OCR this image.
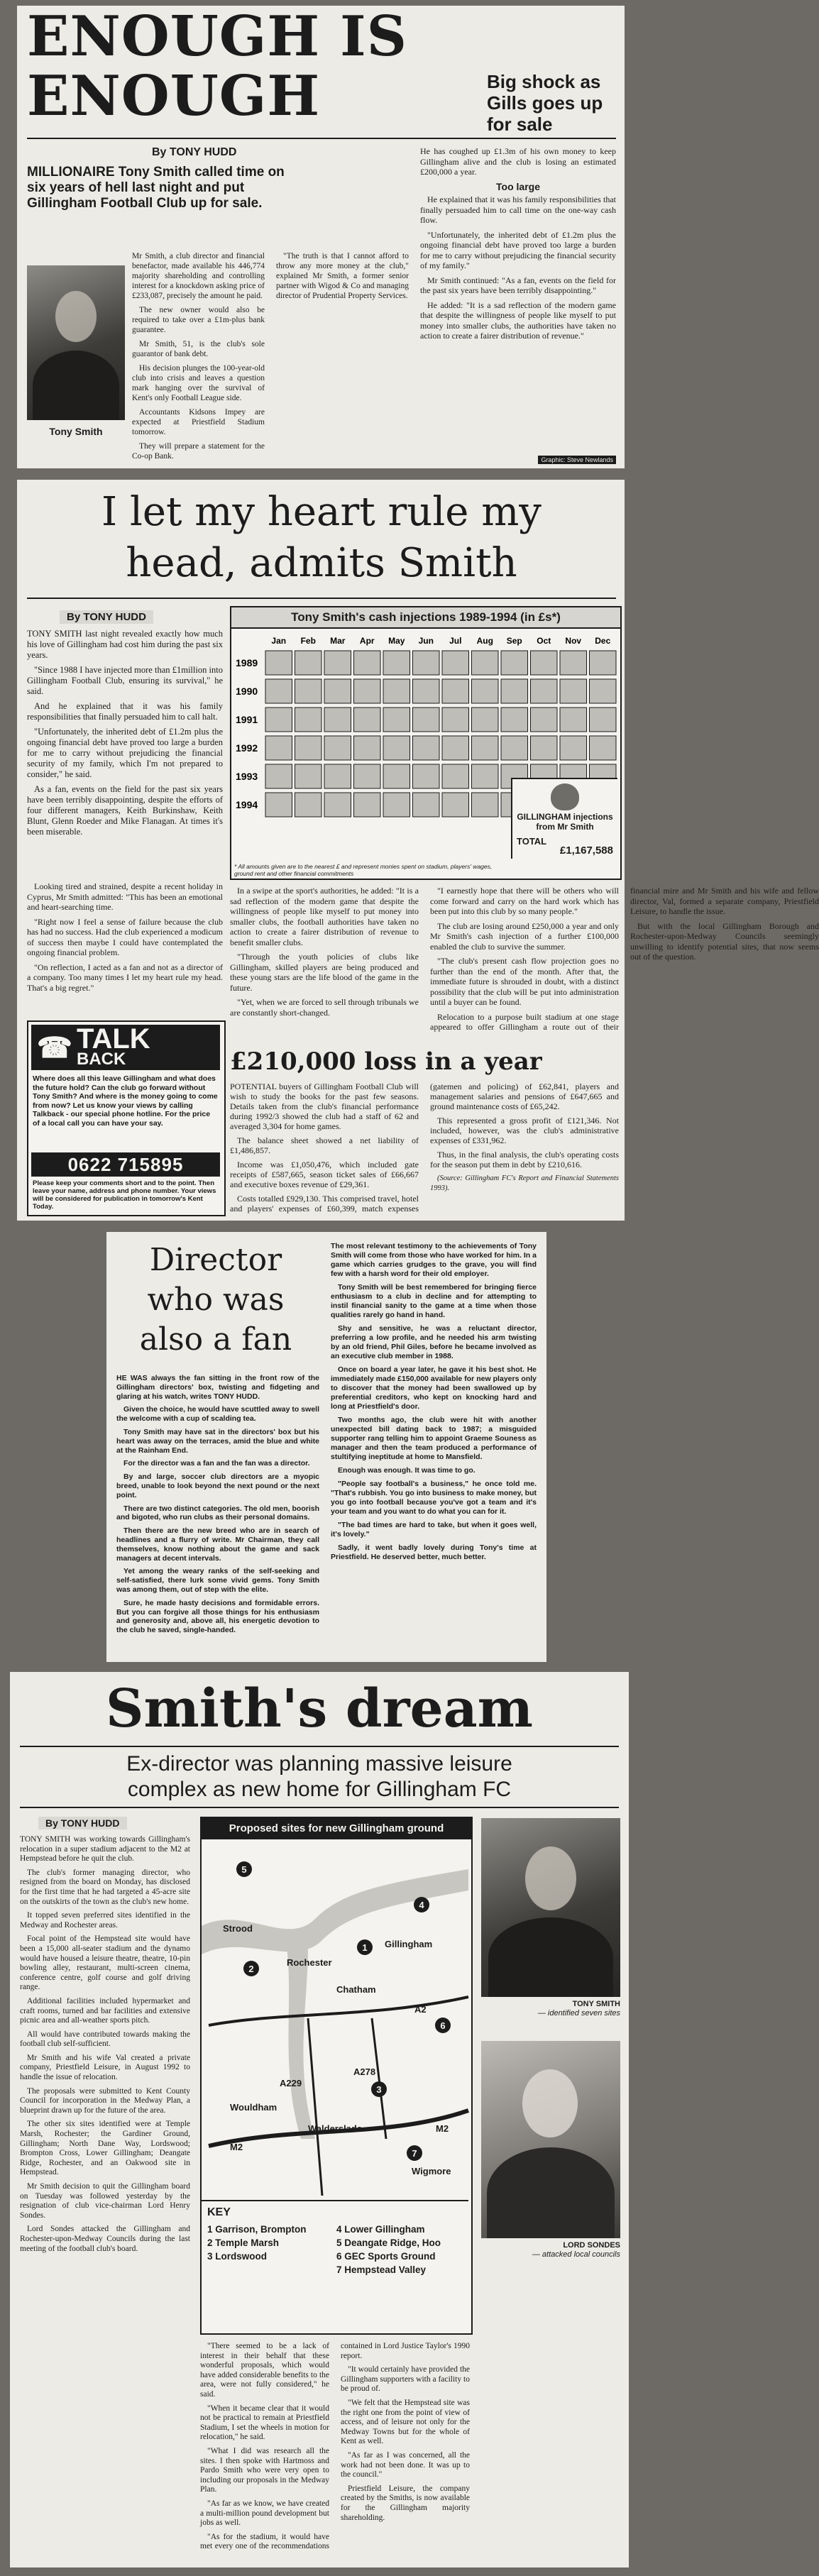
ENOUGH IS
ENOUGH	Big shock as Gills goes up for sale
By TONY HUDD
MILLIONAIRE Tony Smith called time on six years of hell last night and put Gillingham Football Club up for sale.
Tony Smith

Mr Smith, a club director and financial benefactor, made available his 446,774 majority shareholding and controlling interest for a knockdown asking price of £233,087, precisely the amount he paid.

The new owner would also be required to take over a £1m-plus bank guarantee.

Mr Smith, 51, is the club's sole guarantor of bank debt.

His decision plunges the 100-year-old club into crisis and leaves a question mark hanging over the survival of Kent's only Football League side.

Accountants Kidsons Impey are expected at Priestfield Stadium tomorrow.

They will prepare a statement for the Co-op Bank.

"The truth is that I cannot afford to throw any more money at the club," explained Mr Smith, a former senior partner with Wigod & Co and managing director of Prudential Property Services.

He has coughed up £1.3m of his own money to keep Gillingham alive and the club is losing an estimated £200,000 a year.

Too large

He explained that it was his family responsibilities that finally persuaded him to call time on the one-way cash flow.

"Unfortunately, the inherited debt of £1.2m plus the ongoing financial debt have proved too large a burden for me to carry without prejudicing the financial security of my family."

Mr Smith continued: "As a fan, events on the field for the past six years have been terribly disappointing."

He added: "It is a sad reflection of the modern game that despite the willingness of people like myself to put money into smaller clubs, the authorities have taken no action to create a fairer distribution of revenue."

Graphic: Steve Newlands
I let my heart rule my
head, admits Smith
By TONY HUDD	Tony Smith's cash injections 1989-1994 (in £s*)
Jan Feb Mar Apr May Jun Jul Aug Sep Oct Nov Dec
1989
1990
1991
1992
1993
1994
GILLINGHAM injections from Mr Smith
TOTAL
£1,167,588
* All amounts given are to the nearest £ and represent monies spent on stadium, players' wages, ground rent and other financial commitments

TONY SMITH last night revealed exactly how much his love of Gillingham had cost him during the past six years.

"Since 1988 I have injected more than £1million into Gillingham Football Club, ensuring its survival," he said.

And he explained that it was his family responsibilities that finally persuaded him to call halt.

"Unfortunately, the inherited debt of £1.2m plus the ongoing financial debt have proved too large a burden for me to carry without prejudicing the financial security of my family, which I'm not prepared to consider," he said.

As a fan, events on the field for the past six years have been terribly disappointing, despite the efforts of four different managers, Keith Burkinshaw, Keith Blunt, Glenn Roeder and Mike Flanagan. At times it's been miserable.

In a swipe at the sport's authorities, he added: "It is a sad reflection of the modern game that despite the willingness of people like myself to put money into smaller clubs, the football authorities have taken no action to create a fairer distribution of revenue to benefit smaller clubs.

"Through the youth policies of clubs like Gillingham, skilled players are being produced and these young stars are the life blood of the game in the future.

"Yet, when we are forced to sell through tribunals we are constantly short-changed.

"I earnestly hope that there will be others who will come forward and carry on the hard work which has been put into this club by so many people."

The club are losing around £250,000 a year and only Mr Smith's cash injection of a further £100,000 enabled the club to survive the summer.

"The club's present cash flow projection goes no further than the end of the month. After that, the immediate future is shrouded in doubt, with a distinct possibility that the club will be put into administration until a buyer can be found.

Relocation to a purpose built stadium at one stage appeared to offer Gillingham a route out of their financial mire and Mr Smith and his wife and fellow director, Val, formed a separate company, Priestfield Leisure, to handle the issue.

But with the local Gillingham Borough and Rochester-upon-Medway Councils seemingly unwilling to identify potential sites, that now seems out of the question.

Looking tired and strained, despite a recent holiday in Cyprus, Mr Smith admitted: "This has been an emotional and heart-searching time.

"Right now I feel a sense of failure because the club has had no success. Had the club experienced a modicum of success then maybe I could have contemplated the ongoing financial problem.

"On reflection, I acted as a fan and not as a director of a company. Too many times I let my heart rule my head. That's a big regret."

☎ TALK
BACK
Where does all this leave Gillingham and what does the future hold? Can the club go forward without Tony Smith? And where is the money going to come from now? Let us know your views by calling Talkback - our special phone hotline. For the price of a local call you can have your say.
0622 715895
Please keep your comments short and to the point. Then leave your name, address and phone number. Your views will be considered for publication in tomorrow's Kent Today.
£210,000 loss in a year

POTENTIAL buyers of Gillingham Football Club will wish to study the books for the past few seasons. Details taken from the club's financial performance during 1992/3 showed the club had a staff of 62 and averaged 3,304 for home games.

The balance sheet showed a net liability of £1,486,857.

Income was £1,050,476, which included gate receipts of £587,665, season ticket sales of £66,667 and executive boxes revenue of £29,361.

Costs totalled £929,130. This comprised travel, hotel and players' expenses of £60,399, match expenses (gatemen and policing) of £62,841, players and management salaries and pensions of £647,665 and ground maintenance costs of £65,242.

This represented a gross profit of £121,346. Not included, however, was the club's administrative expenses of £331,962.

Thus, in the final analysis, the club's operating costs for the season put them in debt by £210,616.

(Source: Gillingham FC's Report and Financial Statements 1993).

Director
who was
also a fan

HE WAS always the fan sitting in the front row of the Gillingham directors' box, twisting and fidgeting and glaring at his watch, writes TONY HUDD.

Given the choice, he would have scuttled away to swell the welcome with a cup of scalding tea.

Tony Smith may have sat in the directors' box but his heart was away on the terraces, amid the blue and white at the Rainham End.

For the director was a fan and the fan was a director.

By and large, soccer club directors are a myopic breed, unable to look beyond the next pound or the next point.

There are two distinct categories. The old men, boorish and bigoted, who run clubs as their personal domains.

Then there are the new breed who are in search of headlines and a flurry of write. Mr Chairman, they call themselves, know nothing about the game and sack managers at decent intervals.

Yet among the weary ranks of the self-seeking and self-satisfied, there lurk some vivid gems. Tony Smith was among them, out of step with the elite.

Sure, he made hasty decisions and formidable errors. But you can forgive all those things for his enthusiasm and generosity and, above all, his energetic devotion to the club he saved, single-handed.

The most relevant testimony to the achievements of Tony Smith will come from those who have worked for him. In a game which carries grudges to the grave, you will find few with a harsh word for their old employer.

Tony Smith will be best remembered for bringing fierce enthusiasm to a club in decline and for attempting to instil financial sanity to the game at a time when those qualities rarely go hand in hand.

Shy and sensitive, he was a reluctant director, preferring a low profile, and he needed his arm twisting by an old friend, Phil Giles, before he became involved as an executive club member in 1988.

Once on board a year later, he gave it his best shot. He immediately made £150,000 available for new players only to discover that the money had been swallowed up by preferential creditors, who kept on knocking hard and long at Priestfield's door.

Two months ago, the club were hit with another unexpected bill dating back to 1987; a misguided supporter rang telling him to appoint Graeme Souness as manager and then the team produced a performance of stultifying ineptitude at home to Mansfield.

Enough was enough. It was time to go.

"People say football's a business," he once told me. "That's rubbish. You go into business to make money, but you go into football because you've got a team and it's your team and you want to do what you can for it.

"The bad times are hard to take, but when it goes well, it's lovely."

Sadly, it went badly lovely during Tony's time at Priestfield. He deserved better, much better.

Smith's dream
Ex-director was planning massive leisure
complex as new home for Gillingham FC
By TONY HUDD

TONY SMITH was working towards Gillingham's relocation in a super stadium adjacent to the M2 at Hempstead before he quit the club.

The club's former managing director, who resigned from the board on Monday, has disclosed for the first time that he had targeted a 45-acre site on the outskirts of the town as the club's new home.

It topped seven preferred sites identified in the Medway and Rochester areas.

Focal point of the Hempstead site would have been a 15,000 all-seater stadium and the dynamo would have housed a leisure theatre, theatre, 10-pin bowling alley, restaurant, multi-screen cinema, conference centre, golf course and golf driving range.

Additional facilities included hypermarket and craft rooms, turned and bar facilities and extensive picnic area and all-weather sports pitch.

All would have contributed towards making the football club self-sufficient.

Mr Smith and his wife Val created a private company, Priestfield Leisure, in August 1992 to handle the issue of relocation.

The proposals were submitted to Kent County Council for incorporation in the Medway Plan, a blueprint drawn up for the future of the area.

The other six sites identified were at Temple Marsh, Rochester; the Gardiner Ground, Gillingham; North Dane Way, Lordswood; Brompton Cross, Lower Gillingham; Deangate Ridge, Rochester, and an Oakwood site in Hempstead.

Mr Smith decision to quit the Gillingham board on Tuesday was followed yesterday by the resignation of club vice-chairman Lord Henry Sondes.

Lord Sondes attacked the Gillingham and Rochester-upon-Medway Councils during the last meeting of the football club's board.

Proposed sites for new Gillingham ground
1
2
3
4
5
6
7
Strood
Rochester
Chatham
Gillingham
Wouldham
Walderslade
M2
A2
A229
A278
M2
Wigmore
KEY
1 Garrison, Brompton
2 Temple Marsh
3 Lordswood
4 Lower Gillingham
5 Deangate Ridge, Hoo
6 GEC Sports Ground
7 Hempstead Valley

"There seemed to be a lack of interest in their behalf that these wonderful proposals, which would have added considerable benefits to the area, were not fully considered," he said.

"When it became clear that it would not be practical to remain at Priestfield Stadium, I set the wheels in motion for relocation," he said.

"What I did was research all the sites. I then spoke with Hartmoss and Pardo Smith who were very open to including our proposals in the Medway Plan.

"As far as we know, we have created a multi-million pound development but jobs as well.

"As for the stadium, it would have met every one of the recommendations contained in Lord Justice Taylor's 1990 report.

"It would certainly have provided the Gillingham supporters with a facility to be proud of.

"We felt that the Hempstead site was the right one from the point of view of access, and of leisure not only for the Medway Towns but for the whole of Kent as well.

"As far as I was concerned, all the work had not been done. It was up to the council."

Priestfield Leisure, the company created by the Smiths, is now available for the Gillingham majority shareholding.

TONY SMITH
— identified seven sites
LORD SONDES
— attacked local councils
